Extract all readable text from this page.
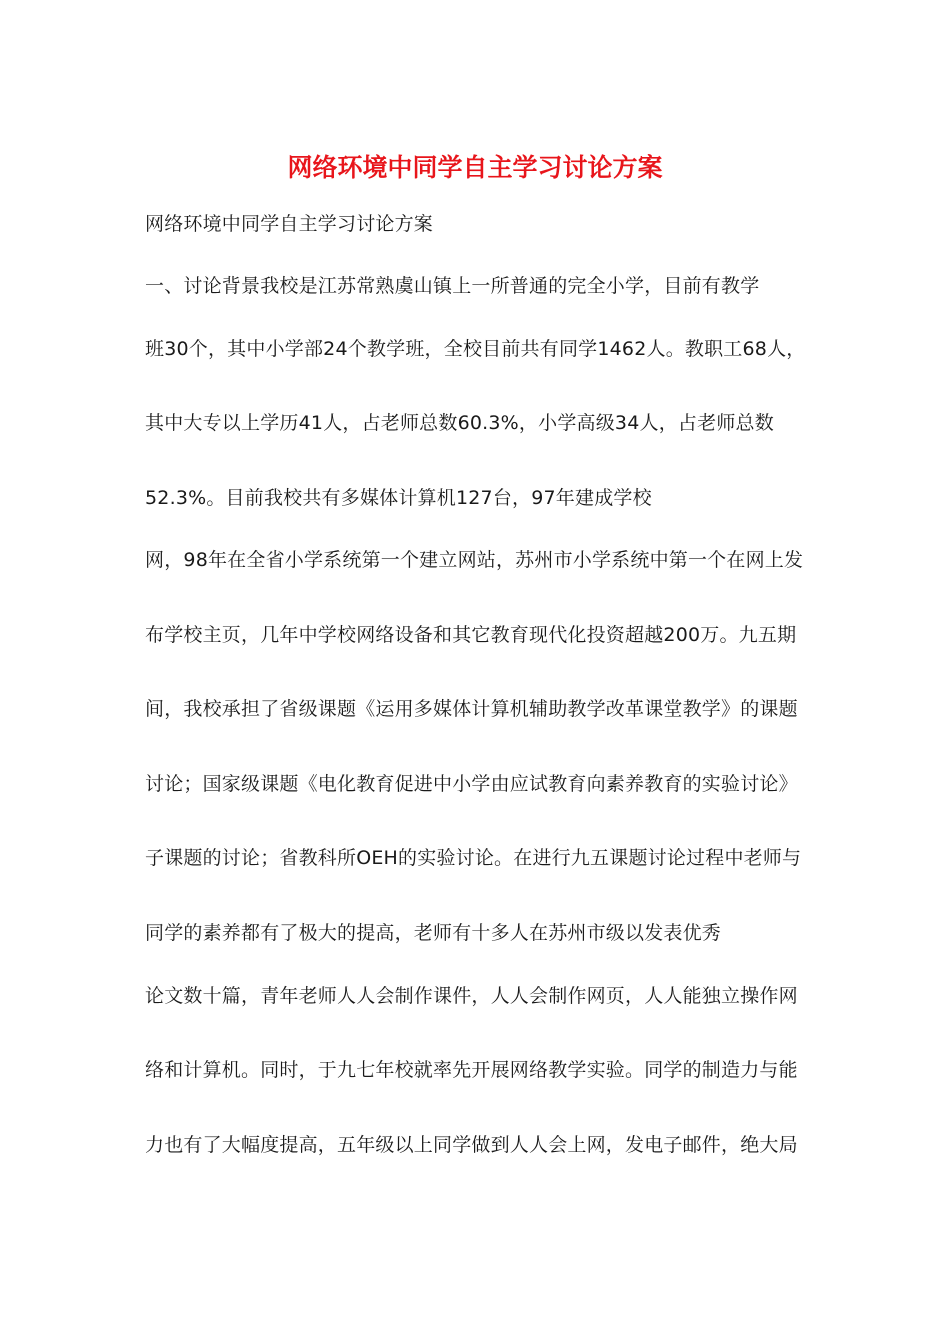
网络环境中同学自主学习讨论方案

网络环境中同学自主学习讨论方案

一、讨论背景我校是江苏常熟虞山镇上一所普通的完全小学，目前有教学

班30个，其中小学部24个教学班，全校目前共有同学1462人。教职工68人，

其中大专以上学历41人，占老师总数60.3%，小学高级34人，占老师总数

52.3%。目前我校共有多媒体计算机127台，97年建成学校

网，98年在全省小学系统第一个建立网站，苏州市小学系统中第一个在网上发

布学校主页，几年中学校网络设备和其它教育现代化投资超越200万。九五期

间，我校承担了省级课题《运用多媒体计算机辅助教学改革课堂教学》的课题

讨论；国家级课题《电化教育促进中小学由应试教育向素养教育的实验讨论》

子课题的讨论；省教科所OEH的实验讨论。在进行九五课题讨论过程中老师与

同学的素养都有了极大的提高，老师有十多人在苏州市级以发表优秀

论文数十篇，青年老师人人会制作课件，人人会制作网页，人人能独立操作网

络和计算机。同时，于九七年校就率先开展网络教学实验。同学的制造力与能

力也有了大幅度提高，五年级以上同学做到人人会上网，发电子邮件，绝大局
